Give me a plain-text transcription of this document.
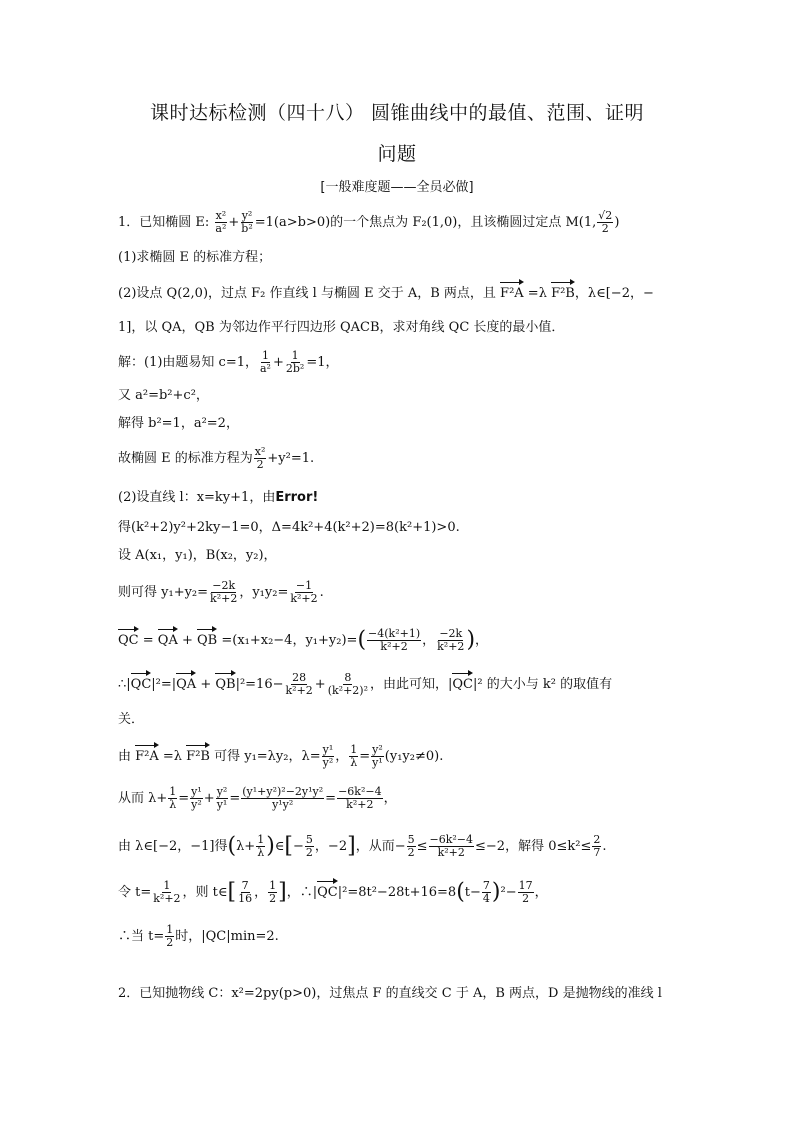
课时达标检测（四十八） 圆锥曲线中的最值、范围、证明
问题
[一般难度题——全员必做]
1．已知椭圆 E: $\frac{\text{x²}}{\text{a²}} + \frac{\text{y²}}{\text{b²}} =1(a>b>0)$的一个焦点为 F₂(1,0)，且该椭圆过定点 M(1, $\frac{√2}{2}$ )
(1)求椭圆 E 的标准方程；
(2)设点 Q(2,0)，过点 F₂ 作直线 l 与椭圆 E 交于 A，B 两点，且 F²A =λ F²B，λ∈[−2，−
1]，以 QA，QB 为邻边作平行四边形 QACB，求对角线 QC 长度的最小值．
解：(1)由题易知 c=1， $\frac{1}{\text{a²}} + \frac{1}{\text{2b²}} =1$，
又 a²=b²+c²，
解得 b²=1，a²=2，
故椭圆 E 的标准方程为 $\frac{\text{x²}}{2} +y^2=1$.
(2)设直线 l：x=ky+1，由Error!
得(k²+2)y²+2ky−1=0，Δ=4k²+4(k²+2)=8(k²+1)>0.
设 A(x₁，y₁)，B(x₂，y₂)，
则可得 $y_1+y_2= \frac{-2k}{\text{k²+2}}$ ，$y_1y_2= \frac{-1}{\text{k²+2}}$ .
QC = QA + QB =(x₁+x₂−4，$y_1+y_2)=( \frac{\text{−4(k²+1)}}{\text{k²+2}}$ ， $\frac{-2k}{\text{k²+2}}$ )，
∴|QC|²=|QA + $QB|^2=16- \frac{28}{\text{k²+2}} + \frac{8}{\text{(k²+2)²}}$ ，由此可知，|QC|² 的大小与 k² 的取值有
关．
由 F²A =λ F²B 可得 y₁=λy₂，$\lambda= \frac{\text{y¹}}{\text{y²}}$ ， $\frac{1}{\lambda} = \frac{\text{y²}}{\text{y¹}} (y_1y_2\ne 0)$.
从而 $\lambda+ \frac{1}{\lambda} = \frac{\text{y¹}}{\text{y²}} + \frac{\text{y²}}{\text{y¹}} = \frac{\text{(y¹+y²)²−2y¹y²}}{\text{y¹y²}} = \frac{\text{−6k²−4}}{\text{k²+2}}$ ，
由 λ∈[−2，−1]得($\lambda+ \frac{1}{\lambda}$ )∈[− $\frac{5}{2}$ ，−2]，从而− $\frac{5}{2} \le \frac{\text{−6k²−4}}{\text{k²+2}} \le-2$，解得 $0\le k^2\le \frac{2}{7}$ .
令 $t= \frac{1}{\text{k²+2}}$ ，则 t∈[ $\frac{7}{16}$ ， $\frac{1}{2}$ ]，∴|QC|²=8t²−28t+16=8(t− $\frac{7}{4} )^2- \frac{17}{2}$ ，
∴当 $t= \frac{1}{2}$ 时，|QC|min=2.
2．已知抛物线 C：x²=2py(p>0)，过焦点 F 的直线交 C 于 A，B 两点，D 是抛物线的准线 l
